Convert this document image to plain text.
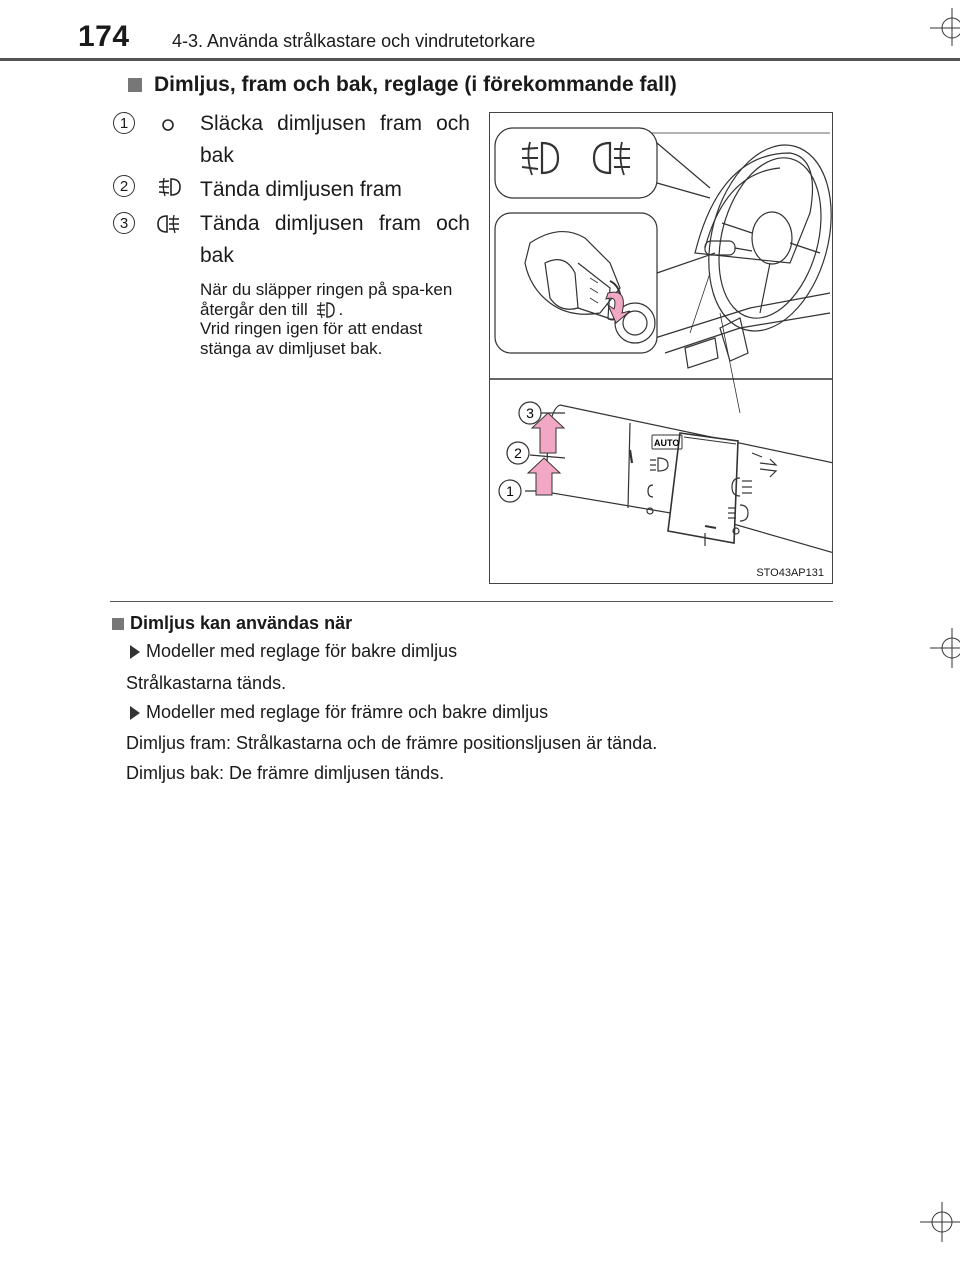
174 4-3. Använda strålkastare och vindrutetorkare
Dimljus, fram och bak, reglage (i förekommande fall)
1	Släcka dimljusen fram och bak
2	Tända dimljusen fram
3	Tända dimljusen fram och bak
När du släpper ringen på spa-ken återgår den till .
Vrid ringen igen för att endast stänga av dimljuset bak.
3
2
1
AUTO
STO43AP131
Dimljus kan användas när
Modeller med reglage för bakre dimljus
Strålkastarna tänds.
Modeller med reglage för främre och bakre dimljus
Dimljus fram: Strålkastarna och de främre positionsljusen är tända.
Dimljus bak: De främre dimljusen tänds.
